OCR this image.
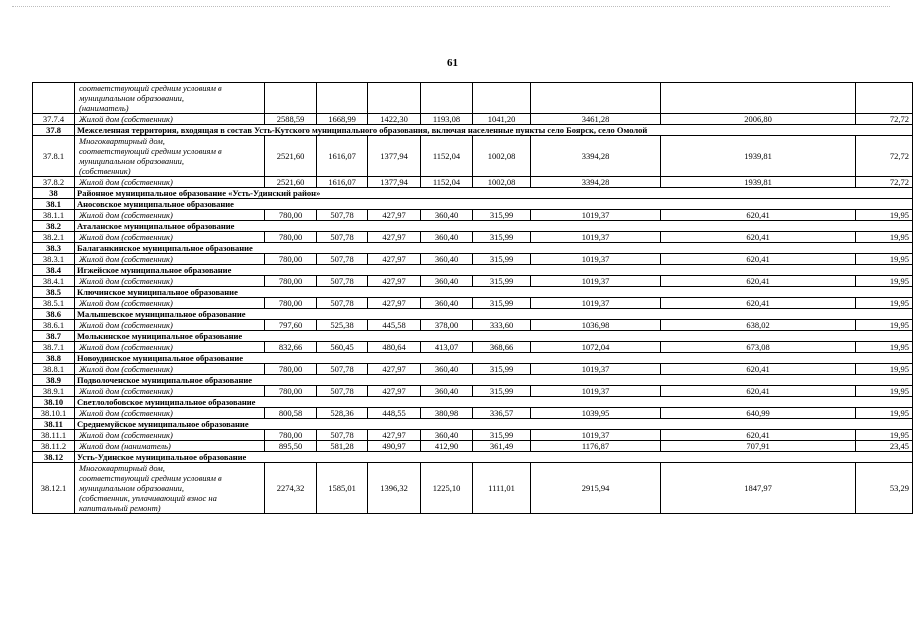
61

	соответствующий средним условиям в
муниципальном образовании,
(наниматель)								

37.7.4	Жилой дом (собственник)	2588,59	1668,99	1422,30	1193,08	1041,20	3461,28	2006,80	72,72
37.8	Межселенная территория, входящая в состав Усть-Кутского муниципального образования, включая населенные пункты село Боярск, село Омолой								
37.8.1	Многоквартирный дом,
соответствующий средним условиям в
муниципальном образовании,
(собственник)	2521,60	1616,07	1377,94	1152,04	1002,08	3394,28	1939,81	72,72
37.8.2	Жилой дом (собственник)	2521,60	1616,07	1377,94	1152,04	1002,08	3394,28	1939,81	72,72
38	Районное муниципальное образование «Усть-Удинский район»								
38.1	Аносовское муниципальное образование								
38.1.1	Жилой дом (собственник)	780,00	507,78	427,97	360,40	315,99	1019,37	620,41	19,95
38.2	Аталанское муниципальное образование								
38.2.1	Жилой дом (собственник)	780,00	507,78	427,97	360,40	315,99	1019,37	620,41	19,95
38.3	Балаганкинское муниципальное образование								
38.3.1	Жилой дом (собственник)	780,00	507,78	427,97	360,40	315,99	1019,37	620,41	19,95
38.4	Игжейское муниципальное образование								
38.4.1	Жилой дом (собственник)	780,00	507,78	427,97	360,40	315,99	1019,37	620,41	19,95
38.5	Ключинское муниципальное образование								
38.5.1	Жилой дом (собственник)	780,00	507,78	427,97	360,40	315,99	1019,37	620,41	19,95
38.6	Малышевское муниципальное образование								
38.6.1	Жилой дом (собственник)	797,60	525,38	445,58	378,00	333,60	1036,98	638,02	19,95
38.7	Молькинское муниципальное образование								
38.7.1	Жилой дом (собственник)	832,66	560,45	480,64	413,07	368,66	1072,04	673,08	19,95
38.8	Новоудинское муниципальное образование								
38.8.1	Жилой дом (собственник)	780,00	507,78	427,97	360,40	315,99	1019,37	620,41	19,95
38.9	Подволоченское муниципальное образование								
38.9.1	Жилой дом (собственник)	780,00	507,78	427,97	360,40	315,99	1019,37	620,41	19,95
38.10	Светлолобовское муниципальное образование								
38.10.1	Жилой дом (собственник)	800,58	528,36	448,55	380,98	336,57	1039,95	640,99	19,95
38.11	Среднемуйское муниципальное образование								
38.11.1	Жилой дом (собственник)	780,00	507,78	427,97	360,40	315,99	1019,37	620,41	19,95
38.11.2	Жилой дом (наниматель)	895,50	581,28	490,97	412,90	361,49	1176,87	707,91	23,45
38.12	Усть-Удинское муниципальное образование								
38.12.1	Многоквартирный дом,
соответствующий средним условиям в
муниципальном образовании,
(собственник, уплачивающий взнос на
капитальный ремонт)	2274,32	1585,01	1396,32	1225,10	1111,01	2915,94	1847,97	53,29
